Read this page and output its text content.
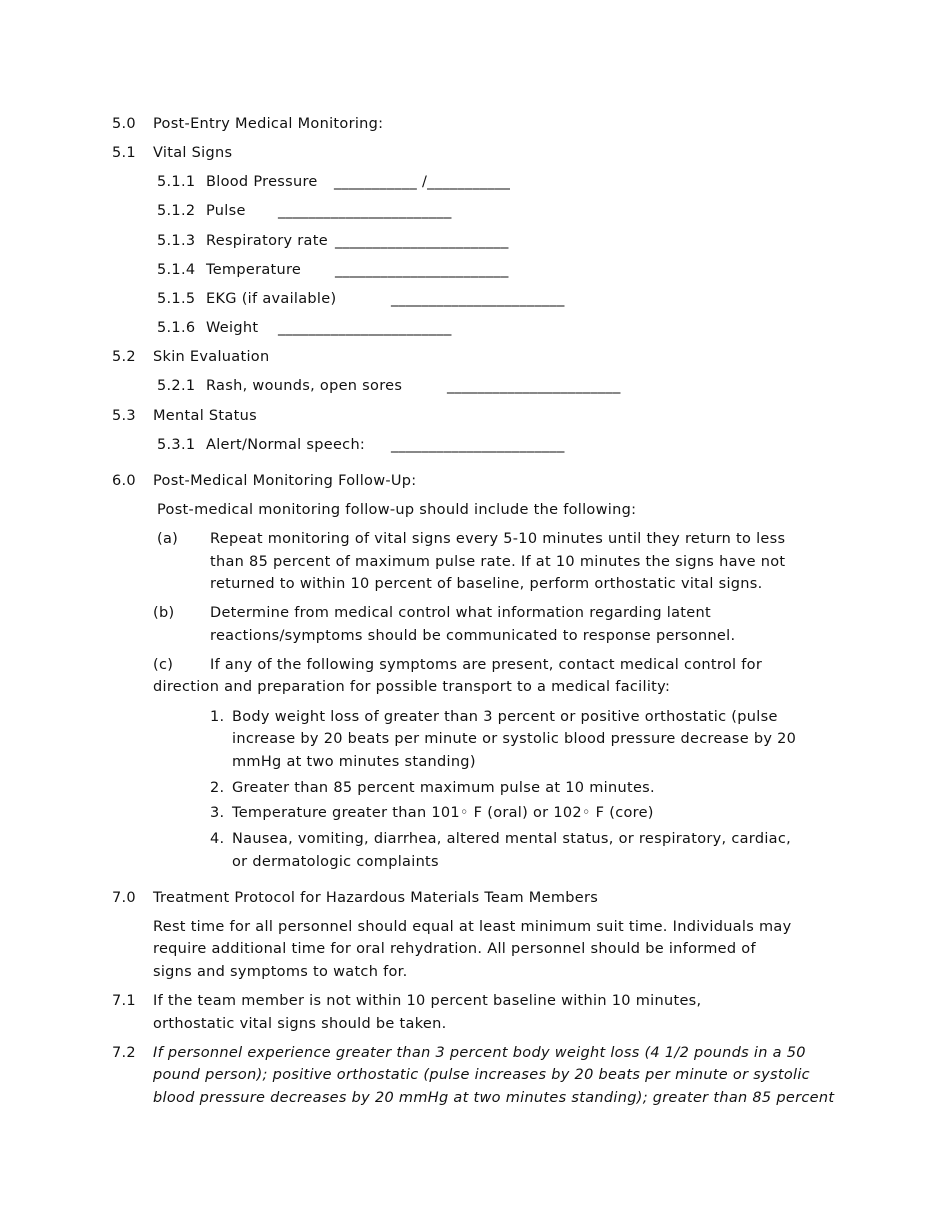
5.0 Post-Entry Medical Monitoring:
5.1 Vital Signs
5.1.1 Blood Pressure ___________ /___________
5.1.2 Pulse _______________________
5.1.3 Respiratory rate _______________________
5.1.4 Temperature _______________________
5.1.5 EKG (if available)	_______________________
5.1.6 Weight _______________________
5.2 Skin Evaluation
5.2.1 Rash, wounds, open sores	_______________________
5.3 Mental Status
5.3.1 Alert/Normal speech: _______________________
6.0 Post-Medical Monitoring Follow-Up:
Post-medical monitoring follow-up should include the following:
(a) Repeat monitoring of vital signs every 5-10 minutes until they return to less
than 85 percent of maximum pulse rate. If at 10 minutes the signs have not
returned to within 10 percent of baseline, perform orthostatic vital signs.
(b) Determine from medical control what information regarding latent
reactions/symptoms should be communicated to response personnel.
(c)	If any of the following symptoms are present, contact medical control for
direction and preparation for possible transport to a medical facility:
1. Body weight loss of greater than 3 percent or positive orthostatic (pulse
increase by 20 beats per minute or systolic blood pressure decrease by 20
mmHg at two minutes standing)
2. Greater than 85 percent maximum pulse at 10 minutes.
3. Temperature greater than 101◦ F (oral) or 102◦ F (core)
4. Nausea, vomiting, diarrhea, altered mental status, or respiratory, cardiac,
or dermatologic complaints
7.0 Treatment Protocol for Hazardous Materials Team Members
Rest time for all personnel should equal at least minimum suit time. Individuals may
require additional time for oral rehydration. All personnel should be informed of
signs and symptoms to watch for.
7.1 If the team member is not within 10 percent baseline within 10 minutes,
orthostatic vital signs should be taken.
7.2 If personnel experience greater than 3 percent body weight loss (4 1/2 pounds in a 50
pound person); positive orthostatic (pulse increases by 20 beats per minute or systolic
blood pressure decreases by 20 mmHg at two minutes standing); greater than 85 percent
